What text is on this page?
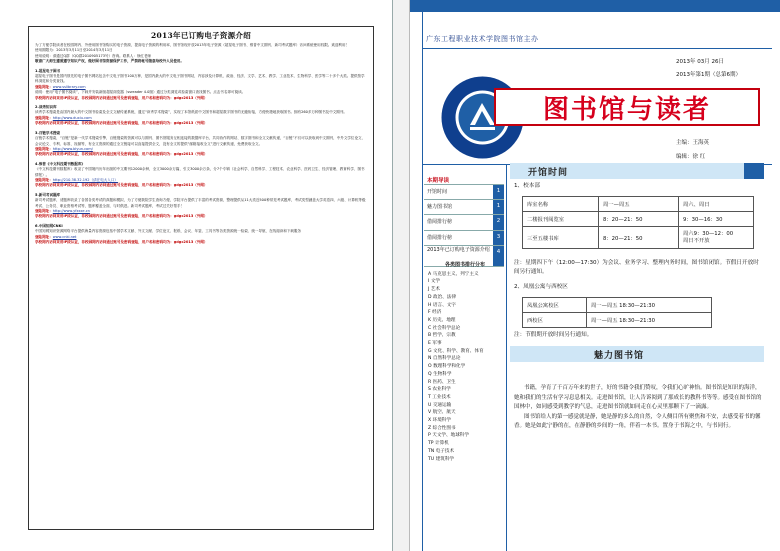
2013年已订购电子资源介绍
为了方便学院读者在校园网内、外使用图书馆购买的电子资源，提高电子资源的利用率，图书馆现开放2013年电子资源（超星电子图书、维普中文期刊、新司考试题库）访问系统使用权限。欢迎利用！
使用期限为：2013年3月11日至2014年3月11日
使用说明：请通过Q群（QQ群2010905173号）咨询。联系人：徐红老师
敬请广大师生遵照遵守知识产权，做好图书馆资源保护工作，严禁将帐号随意给校外人员使用。
1.超星电子图书
超星电子图书是国内领先的电子图书网站包含中文电子图书100万种，是国内最大的中文电子图书网站，内容涉及计算机、政治、经济、文学、艺术、教学、工业技术、生物科学、医学等二十多个大类。提供按学科浏览和分类查找。
登陆网址：www.sslibrary.com
说明：使用“电子图书阅读”，下载并安装新版超星浏览器（ssreader 4.0版）通过分类浏览或检索窗口查找图书。点击书名即可阅读。
学校网内访问采用IP段认证，非校园网内访问通过账号及密码登陆，用户名和密码均为：gdgc2013（外网）
2.读秀知识库
读秀学术搜索是由国内最大的中文图书检索及全文文献传递系统，通过“读秀学术搜索”，实现了本馆纸质中文图书和超星数字图书的无缝衔接，方便快捷地获取图书。拥有260多万种图书及中文期刊。
登陆网址：http://www.duxiu.com
学校网内访问采用IP段认证，非校园网内访问通过账号及密码登陆，用户名和密码均为：gdgc2013（外网）
3.百链学术搜索
百链学术搜索，“百链”是新一代学术搜索引擎，百链搜索的资源可以与期刊、图书馆服务互相连接的数据库平台，共同协作的网站、数字图书和全文文献传递，“百链”不仅可以获取到中文期刊，中外文学位论文、会议论文、专利、标准、视频等，有全文资源的通过全文链接可以直接提供全文，没有全文的提供“邮箱接收全文”进行文献传递，免费获取全文。
登陆网址：http://www.blyun.com/
学校网内访问采用IP段认证，非校园网内访问通过账号及密码登陆，用户名和密码均为：gdgc2013（外网）
4.维普《中文科技期刊数据库》
《中文科技期刊数据库》收录了中国境内历年出版的中文期刊12000余种，全文3000余万篇，引文3000余万条，分7个专辑（社会科学、自然科学、工程技术、农业科学、医药卫生、经济管理、教育科学、图书情报）。
登陆网址：http://210.38.32.192（请在电大入口）
学校网内访问采用IP段认证，非校园网内访问通过账号及密码登陆，用户名和密码均为：gdgc2013（外网）
5.新司考试题库
新司考试题库，适题库收录了各国各类考试的真题和模拟，为了方便我院学生查询方便，学院平台提供了丰富的考试资源，整理提供从11大类近500种常见考试题库，考试类型涵盖大学英语四、六级、计算机等级考试、公务员、职业资格考试等，题库覆盖全面，与时俱进。新司考试题库，考试过关好帮手！
登陆网址：http://www.yfzxxe.cn
学校网内访问采用IP段认证，非校园网内访问通过账号及密码登陆，用户名和密码均为：gdgc2013（外网）
6.中国知网CNKI
中国知网知识资源网络平台提供海量内容资源包括中国学术文献、外文文献、学位论文、报纸、会议、年鉴、工具书等各类资源统一检索、统一导航、在线阅读和下载服务
登陆网址：www.cnki.net
学校网内访问采用IP段认证，非校园网内访问通过账号及密码登陆，用户名和密码均为：gdgc2013（外网）
广东工程职业技术学院图书馆主办
2013年 03月 26日
2013年第1期（总第6期）
图书馆与读者
主编：王海英
编辑：徐 红
本期导读
开馆时间	1
魅力图书馆	1
借阅排行榜	2
借阅排行榜	3
2013年已订购电子资源介绍	4
各类图书排行分布
A 马克思主义、列宁主义
I 文学
J 艺术
D 政治、法律
H 语言、文字
F 经济
K 历史、地理
C 社会科学总论
B 哲学、宗教
E 军事
G 文化、科学、教育、体育
N 自然科学总论
O 数理科学和化学
Q 生物科学
R 医药、卫生
S 农业科学
T 工业技术
U 交通运输
V 航空、航天
X 环境科学
Z 综合性图书
P 天文学、地球科学
TP 计算机
TN 电子技术
TU 建筑科学
开馆时间
1、校本部
库室名称	周一—周五	周六、周日
二楼报刊阅览室	8：20—21：50	9：30—16：30
三至五楼书库	8：20—21：50	周六9：30—12：00
周日不开放
注：星期四下午（12:00—17:30）为会议、业务学习、整理内务时间，图书馆闭馆。节假日开放时间另行通知。
2、凤凰公寓与西校区
凤凰公寓校区	周一—周五 18:30—21:30
西校区	周一—周五 18:30—21:30
注：节假期开放时间另行通知。
魅力图书馆
书籍，孕育了千百万年来的世子，好的书籍令我们赞叹，令我们心旷神怡。图书馆是知识的海洋，她和我们的生活有学习息息相关。走进图书馆，让人告诉阅到了那成长的教科书等等。感受在图书馆的国林中，如同感受到教学的气息，走进图书馆就如同走在心灵里那颗下了一滴露。
图书馆给人的第一感觉就是静，她是静的多么的自然，令人侧目所有聚焦和不安，去感受着书的馨香。她是如此宁静的在，在静静的乡间的一角，伴着一本书。置身于书海之中，与书同行。
